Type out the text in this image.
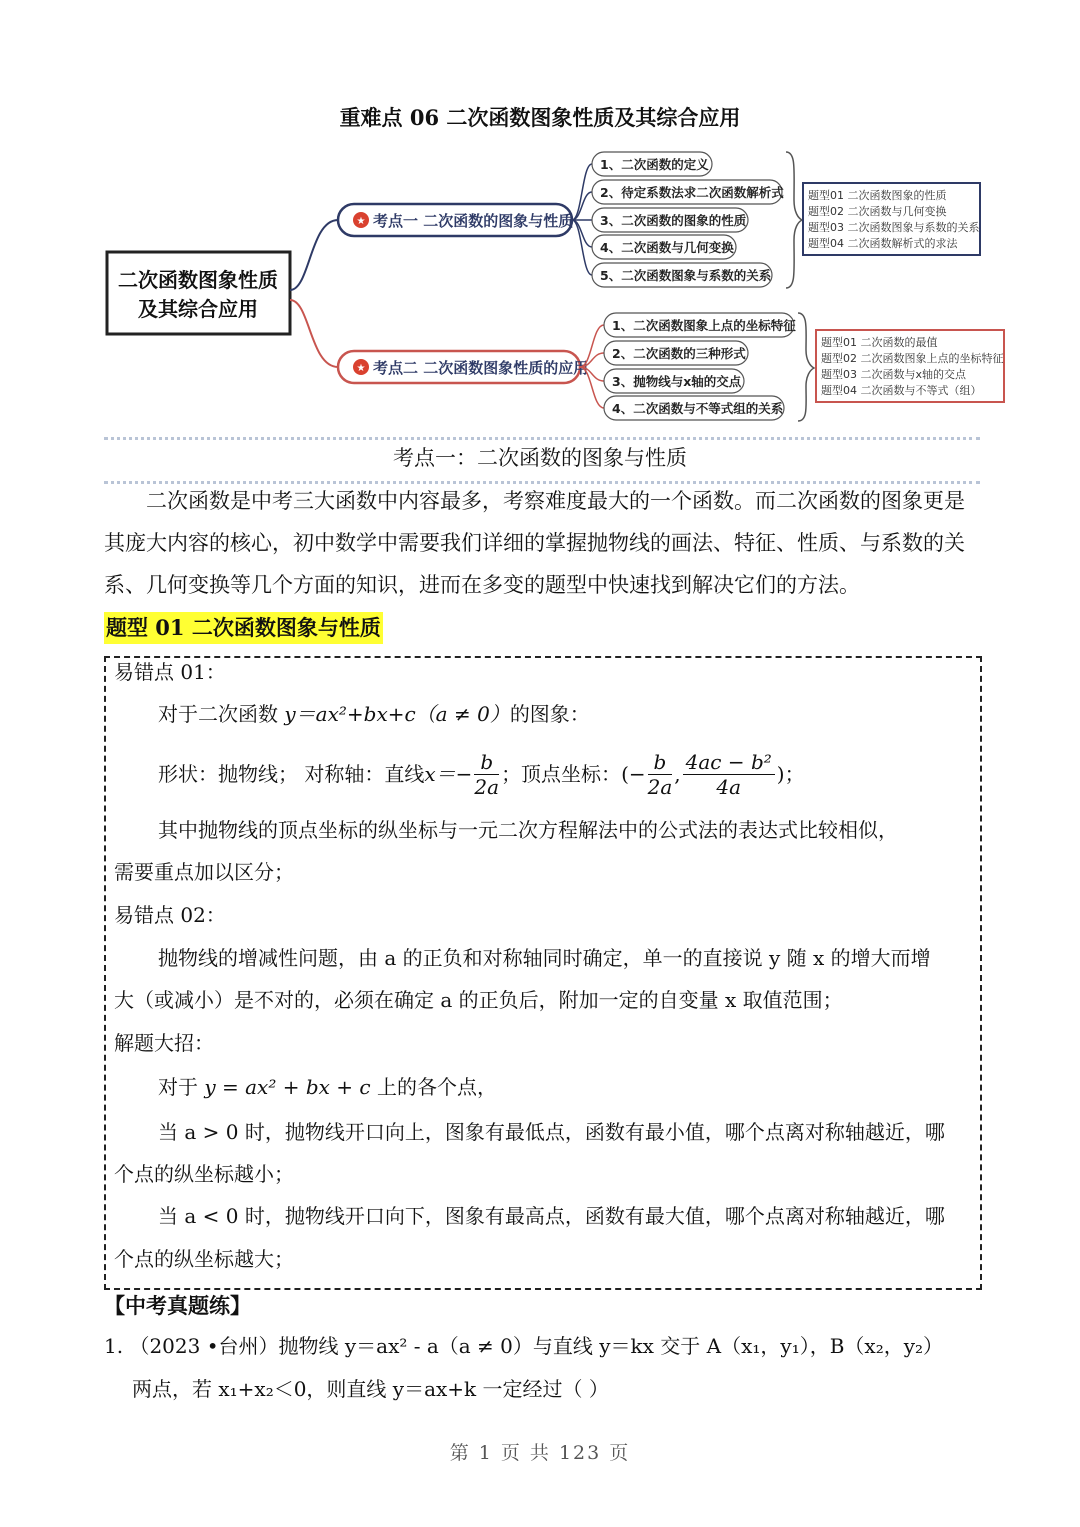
重难点 06 二次函数图象性质及其综合应用
二次函数图象性质
及其综合应用
★ 考点一 二次函数的图象与性质
1、二次函数的定义
2、待定系数法求二次函数解析式
3、二次函数的图象的性质
4、二次函数与几何变换
5、二次函数图象与系数的关系
题型01 二次函数图象的性质
题型02 二次函数与几何变换
题型03 二次函数图象与系数的关系
题型04 二次函数解析式的求法
★ 考点二 二次函数图象性质的应用
1、二次函数图象上点的坐标特征
2、二次函数的三种形式
3、抛物线与x轴的交点
4、二次函数与不等式组的关系
题型01 二次函数的最值
题型02 二次函数图象上点的坐标特征
题型03 二次函数与x轴的交点
题型04 二次函数与不等式（组）
考点一：二次函数的图象与性质
二次函数是中考三大函数中内容最多，考察难度最大的一个函数。而二次函数的图象更是
其庞大内容的核心，初中数学中需要我们详细的掌握抛物线的画法、特征、性质、与系数的关
系、几何变换等几个方面的知识，进而在多变的题型中快速找到解决它们的方法。
题型 01 二次函数图象与性质
易错点 01：
对于二次函数 y＝ax²+bx+c（a ≠ 0）的图象：
形状：抛物线； 对称轴：直线 $x=- \frac{b}{2a}$ ；顶点坐标： (− $\frac{b}{2a}$ , $\frac{\text{4ac − b²}}{4a}$ )；
其中抛物线的顶点坐标的纵坐标与一元二次方程解法中的公式法的表达式比较相似，
需要重点加以区分；
易错点 02：
抛物线的增减性问题，由 a 的正负和对称轴同时确定，单一的直接说 y 随 x 的增大而增
大（或减小）是不对的，必须在确定 a 的正负后，附加一定的自变量 x 取值范围；
解题大招：
对于 y = ax² + bx + c 上的各个点，
当 a > 0 时，抛物线开口向上，图象有最低点，函数有最小值，哪个点离对称轴越近，哪
个点的纵坐标越小；
当 a < 0 时，抛物线开口向下，图象有最高点，函数有最大值，哪个点离对称轴越近，哪
个点的纵坐标越大；
【中考真题练】
1. （2023 •台州）抛物线 y＝ax² - a（a ≠ 0）与直线 y＝kx 交于 A（x₁，y₁），B（x₂，y₂）
两点，若 x₁+x₂＜0，则直线 y＝ax+k 一定经过（ ）
第 1 页 共 123 页
